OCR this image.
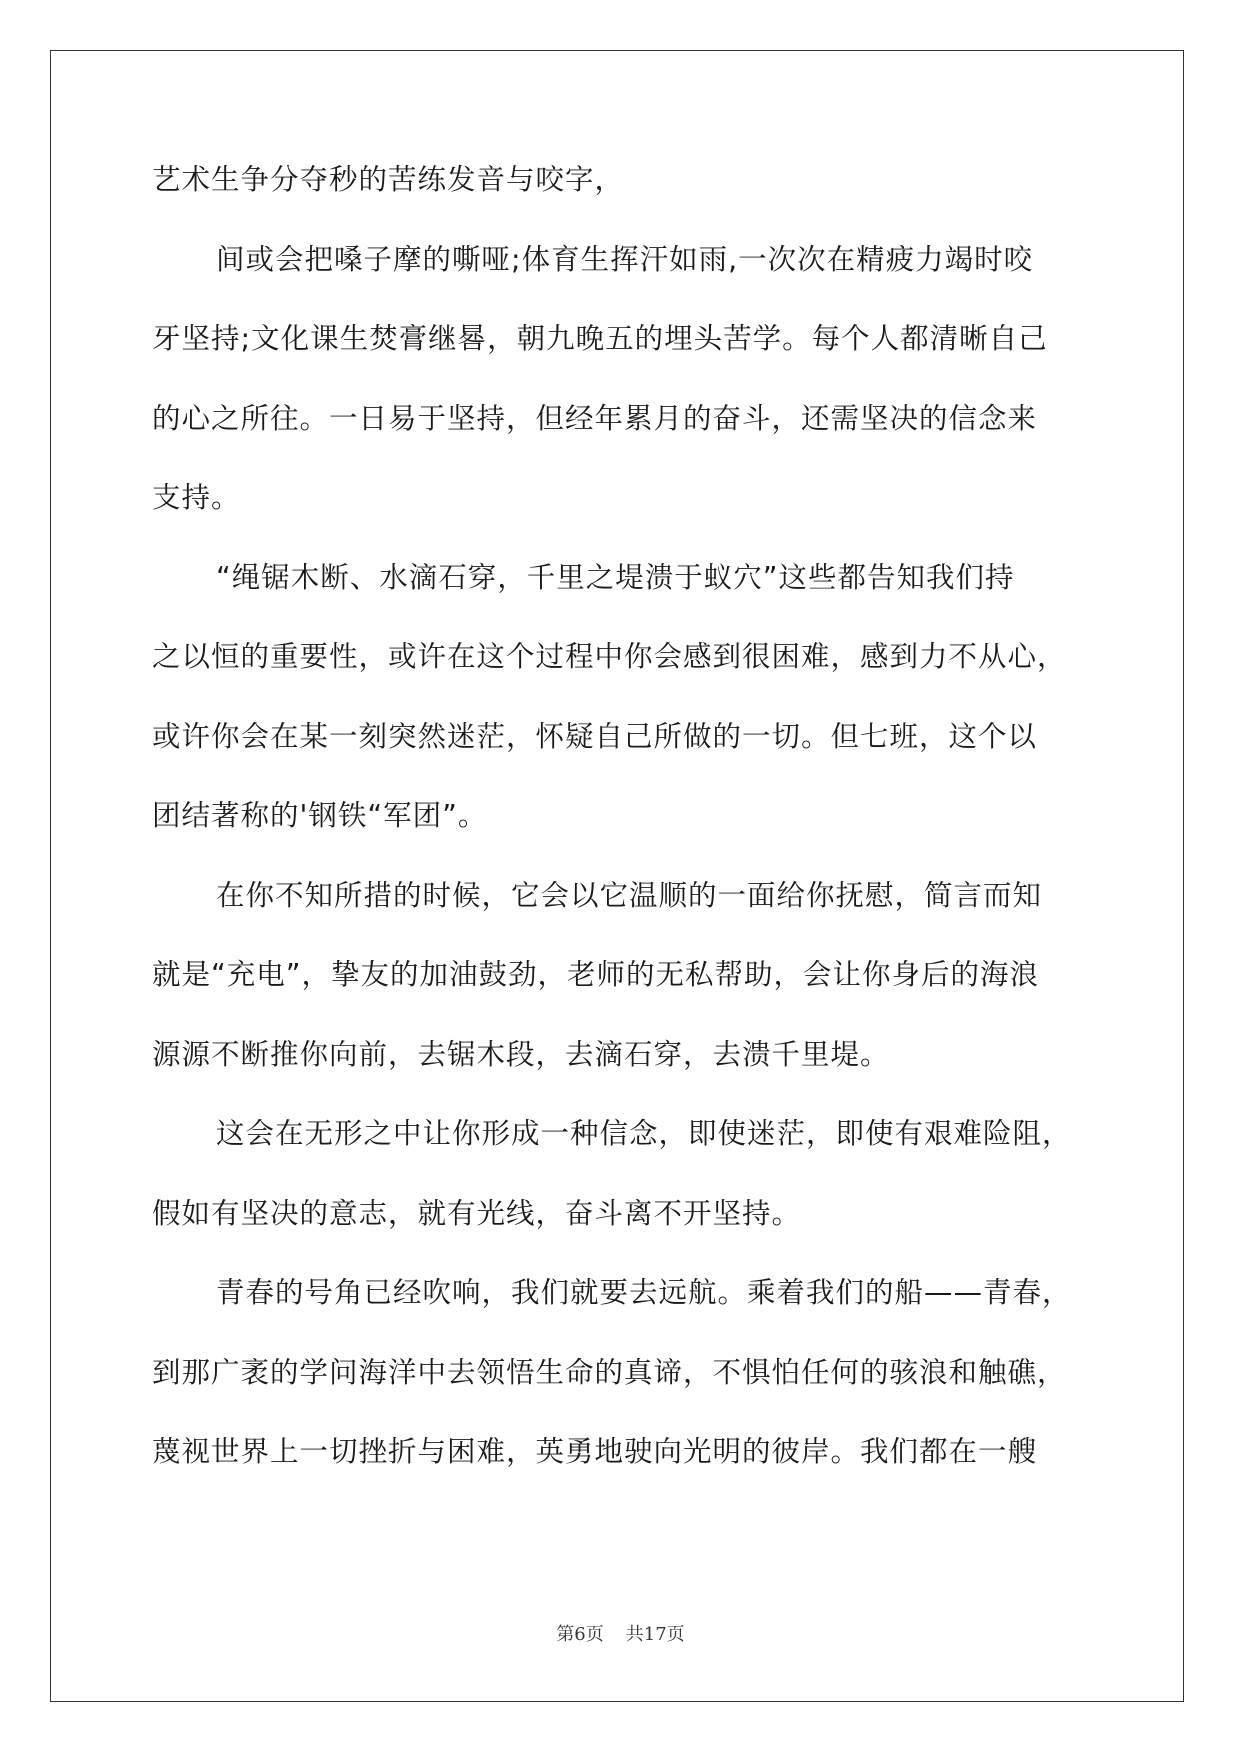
艺术生争分夺秒的苦练发音与咬字，
间或会把嗓子摩的嘶哑;体育生挥汗如雨,一次次在精疲力竭时咬
牙坚持;文化课生焚膏继晷，朝九晚五的埋头苦学。每个人都清晰自己
的心之所往。一日易于坚持，但经年累月的奋斗，还需坚决的信念来
支持。
“绳锯木断、水滴石穿，千里之堤溃于蚁穴”这些都告知我们持
之以恒的重要性，或许在这个过程中你会感到很困难，感到力不从心，
或许你会在某一刻突然迷茫，怀疑自己所做的一切。但七班，这个以
团结著称的'钢铁“军团”。
在你不知所措的时候，它会以它温顺的一面给你抚慰，简言而知
就是“充电”，挚友的加油鼓劲，老师的无私帮助，会让你身后的海浪
源源不断推你向前，去锯木段，去滴石穿，去溃千里堤。
这会在无形之中让你形成一种信念，即使迷茫，即使有艰难险阻，
假如有坚决的意志，就有光线，奋斗离不开坚持。
青春的号角已经吹响，我们就要去远航。乘着我们的船——青春，
到那广袤的学问海洋中去领悟生命的真谛，不惧怕任何的骇浪和触礁，
蔑视世界上一切挫折与困难，英勇地驶向光明的彼岸。我们都在一艘
第6页 共17页
